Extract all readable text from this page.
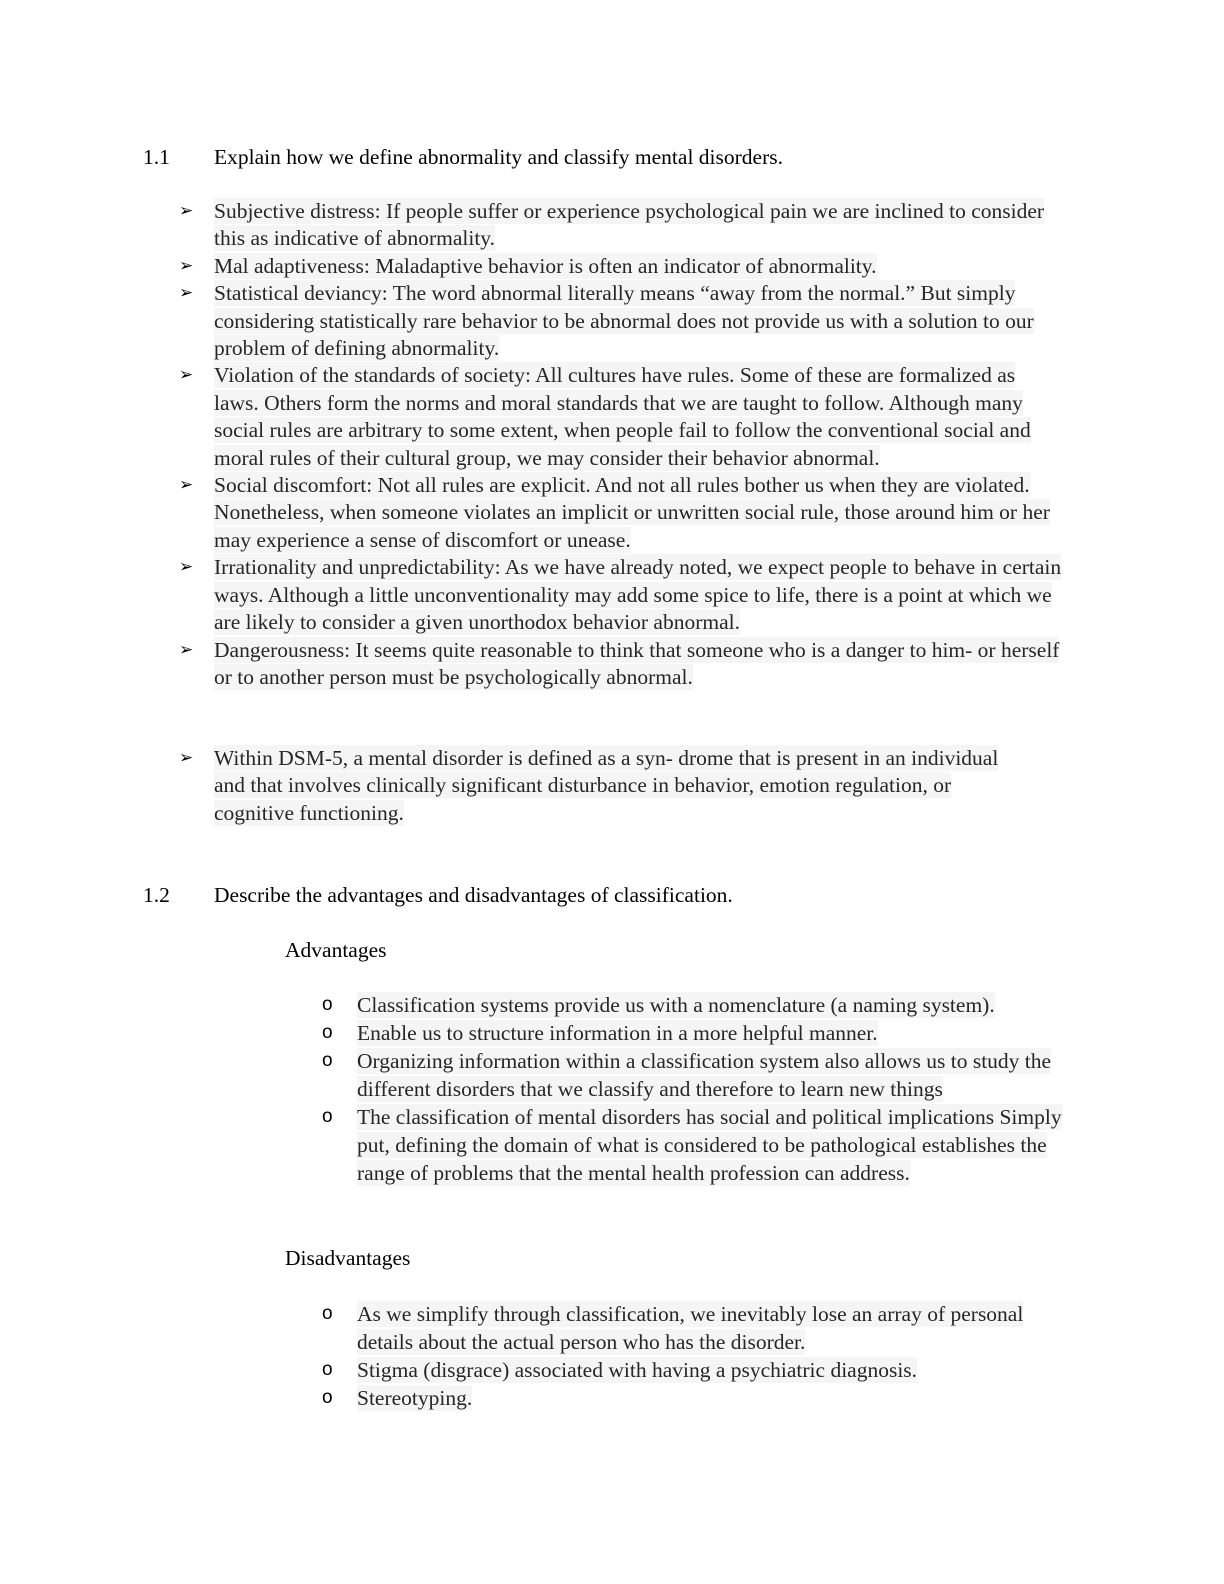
1.1 Explain how we define abnormality and classify mental disorders.
➢ Subjective distress: If people suffer or experience psychological pain we are inclined to consider this as indicative of abnormality.
➢ Mal adaptiveness: Maladaptive behavior is often an indicator of abnormality.
➢ Statistical deviancy: The word abnormal literally means “away from the normal.” But simply considering statistically rare behavior to be abnormal does not provide us with a solution to our problem of defining abnormality.
➢ Violation of the standards of society: All cultures have rules. Some of these are formalized as laws. Others form the norms and moral standards that we are taught to follow. Although many social rules are arbitrary to some extent, when people fail to follow the conventional social and moral rules of their cultural group, we may consider their behavior abnormal.
➢ Social discomfort: Not all rules are explicit. And not all rules bother us when they are violated. Nonetheless, when someone violates an implicit or unwritten social rule, those around him or her may experience a sense of discomfort or unease.
➢ Irrationality and unpredictability: As we have already noted, we expect people to behave in certain ways. Although a little unconventionality may add some spice to life, there is a point at which we are likely to consider a given unorthodox behavior abnormal.
➢ Dangerousness: It seems quite reasonable to think that someone who is a danger to him- or herself or to another person must be psychologically abnormal.
➢ Within DSM-5, a mental disorder is defined as a syn- drome that is present in an individual and that involves clinically significant disturbance in behavior, emotion regulation, or cognitive functioning.
1.2 Describe the advantages and disadvantages of classification.
Advantages
o Classification systems provide us with a nomenclature (a naming system).
o Enable us to structure information in a more helpful manner.
o Organizing information within a classification system also allows us to study the different disorders that we classify and therefore to learn new things
o The classification of mental disorders has social and political implications Simply put, defining the domain of what is considered to be pathological establishes the range of problems that the mental health profession can address.
Disadvantages
o As we simplify through classification, we inevitably lose an array of personal details about the actual person who has the disorder.
o Stigma (disgrace) associated with having a psychiatric diagnosis.
o Stereotyping.
